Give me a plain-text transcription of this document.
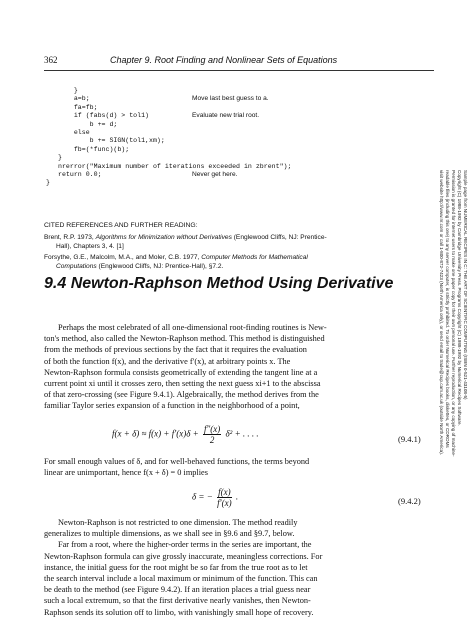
362	Chapter 9. Root Finding and Nonlinear Sets of Equations
}
a=b;	Move last best guess to a.
fa=fb;
if (fabs(d) > tol1)	Evaluate new trial root.
b += d;
else
b += SIGN(tol1,xm);
fb=(*func)(b);
}
nrerror("Maximum number of iterations exceeded in zbrent");
return 0.0;	Never get here.
}
CITED REFERENCES AND FURTHER READING:
Brent, R.P. 1973, Algorithms for Minimization without Derivatives (Englewood Cliffs, NJ: Prentice-
Hall), Chapters 3, 4. [1]
Forsythe, G.E., Malcolm, M.A., and Moler, C.B. 1977, Computer Methods for Mathematical
Computations (Englewood Cliffs, NJ: Prentice-Hall), §7.2.
9.4 Newton-Raphson Method Using Derivative
Perhaps the most celebrated of all one-dimensional root-finding routines is New-
ton's method, also called the Newton-Raphson method. This method is distinguished
from the methods of previous sections by the fact that it requires the evaluation
of both the function f(x), and the derivative f′(x), at arbitrary points x. The
Newton-Raphson formula consists geometrically of extending the tangent line at a
current point xi until it crosses zero, then setting the next guess xi+1 to the abscissa
of that zero-crossing (see Figure 9.4.1). Algebraically, the method derives from the
familiar Taylor series expansion of a function in the neighborhood of a point,
$f(x + \delta) \approx f(x) + f'(x)\delta + \frac{f''(x)}{2} \delta^2$ + . . . .
(9.4.1)
For small enough values of δ, and for well-behaved functions, the terms beyond
linear are unimportant, hence f(x + δ) = 0 implies
δ = − $\frac{f(x)}{f'(x)}$ .	(9.4.2)
Newton-Raphson is not restricted to one dimension. The method readily
generalizes to multiple dimensions, as we shall see in §9.6 and §9.7, below.
Far from a root, where the higher-order terms in the series are important, the
Newton-Raphson formula can give grossly inaccurate, meaningless corrections. For
instance, the initial guess for the root might be so far from the true root as to let
the search interval include a local maximum or minimum of the function. This can
be death to the method (see Figure 9.4.2). If an iteration places a trial guess near
such a local extremum, so that the first derivative nearly vanishes, then Newton-
Raphson sends its solution off to limbo, with vanishingly small hope of recovery.
Sample page from NUMERICAL RECIPES IN C: THE ART OF SCIENTIFIC COMPUTING (ISBN 0-521-43108-5)
Copyright (C) 1988-1992 by Cambridge University Press. Programs Copyright (C) 1988-1992 by Numerical Recipes Software.
Permission is granted for internet users to make one paper copy for their own personal use. Further reproduction, or any copying of machine-
readable files (including this one) to any server computer, is strictly prohibited. To order Numerical Recipes books, diskettes, or CDROMs
visit website http://www.nr.com or call 1-800-872-7423 (North America only), or send email to trade@cup.cam.ac.uk (outside North America).
